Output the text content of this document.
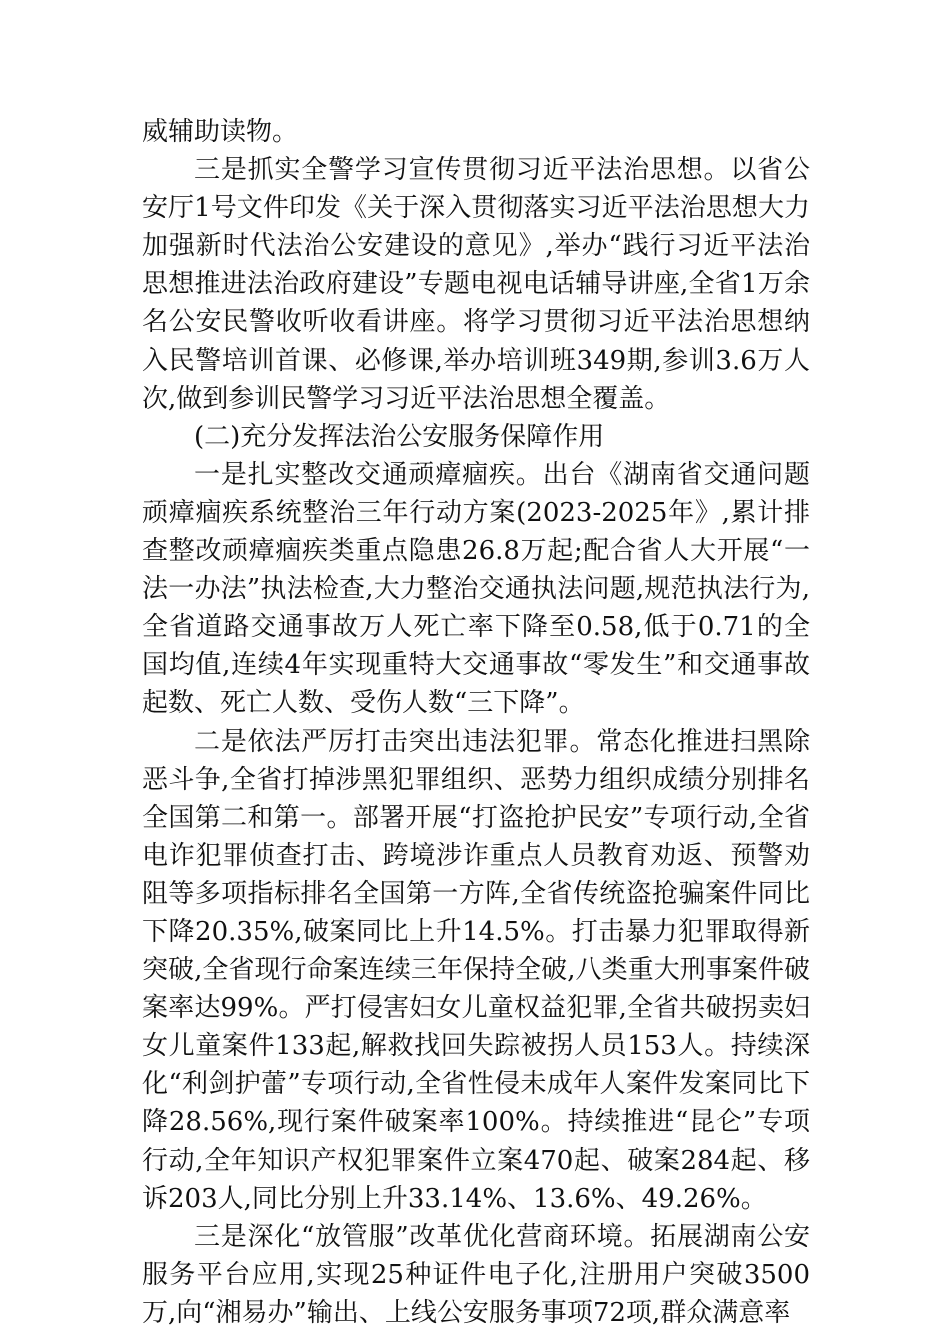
威辅助读物。

三是抓实全警学习宣传贯彻习近平法治思想。以省公安厅1号文件印发《关于深入贯彻落实习近平法治思想大力加强新时代法治公安建设的意见》,举办“践行习近平法治思想推进法治政府建设”专题电视电话辅导讲座,全省1万余名公安民警收听收看讲座。将学习贯彻习近平法治思想纳入民警培训首课、必修课,举办培训班349期,参训3.6万人次,做到参训民警学习习近平法治思想全覆盖。

(二)充分发挥法治公安服务保障作用

一是扎实整改交通顽瘴痼疾。出台《湖南省交通问题顽瘴痼疾系统整治三年行动方案(2023-2025年》,累计排查整改顽瘴痼疾类重点隐患26.8万起;配合省人大开展“一法一办法”执法检查,大力整治交通执法问题,规范执法行为,全省道路交通事故万人死亡率下降至0.58,低于0.71的全国均值,连续4年实现重特大交通事故“零发生”和交通事故起数、死亡人数、受伤人数“三下降”。

二是依法严厉打击突出违法犯罪。常态化推进扫黑除恶斗争,全省打掉涉黑犯罪组织、恶势力组织成绩分别排名全国第二和第一。部署开展“打盗抢护民安”专项行动,全省电诈犯罪侦查打击、跨境涉诈重点人员教育劝返、预警劝阻等多项指标排名全国第一方阵,全省传统盗抢骗案件同比下降20.35%,破案同比上升14.5%。打击暴力犯罪取得新突破,全省现行命案连续三年保持全破,八类重大刑事案件破案率达99%。严打侵害妇女儿童权益犯罪,全省共破拐卖妇女儿童案件133起,解救找回失踪被拐人员153人。持续深化“利剑护蕾”专项行动,全省性侵未成年人案件发案同比下降28.56%,现行案件破案率100%。持续推进“昆仑”专项行动,全年知识产权犯罪案件立案470起、破案284起、移诉203人,同比分别上升33.14%、13.6%、49.26%。

三是深化“放管服”改革优化营商环境。拓展湖南公安服务平台应用,实现25种证件电子化,注册用户突破3500万,向“湘易办”输出、上线公安服务事项72项,群众满意率
